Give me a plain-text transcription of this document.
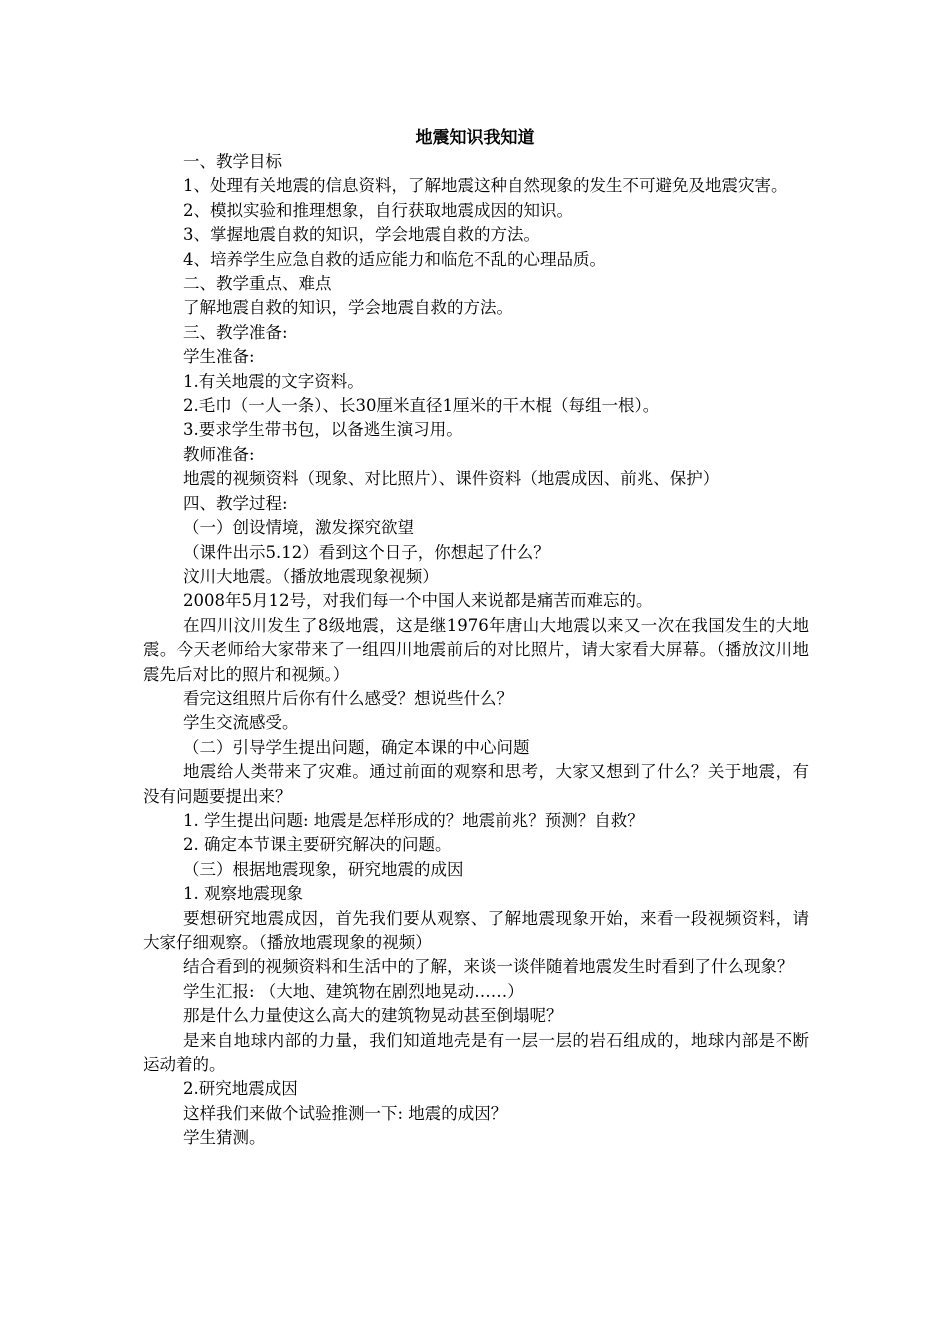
地震知识我知道

一、教学目标

1、处理有关地震的信息资料，了解地震这种自然现象的发生不可避免及地震灾害。

2、模拟实验和推理想象，自行获取地震成因的知识。

3、掌握地震自救的知识，学会地震自救的方法。

4、培养学生应急自救的适应能力和临危不乱的心理品质。

二、教学重点、难点

了解地震自救的知识，学会地震自救的方法。

三、教学准备:

学生准备:

1.有关地震的文字资料。

2.毛巾（一人一条）、长30厘米直径1厘米的干木棍（每组一根）。

3.要求学生带书包，以备逃生演习用。

教师准备:

地震的视频资料（现象、对比照片）、课件资料（地震成因、前兆、保护）

四、教学过程:

（一）创设情境，激发探究欲望

（课件出示5.12）看到这个日子，你想起了什么？

汶川大地震。（播放地震现象视频）

2008年5月12号，对我们每一个中国人来说都是痛苦而难忘的。

在四川汶川发生了8级地震，这是继1976年唐山大地震以来又一次在我国发生的大地震。今天老师给大家带来了一组四川地震前后的对比照片，请大家看大屏幕。（播放汶川地震先后对比的照片和视频。）

看完这组照片后你有什么感受？想说些什么？

学生交流感受。

（二）引导学生提出问题，确定本课的中心问题

地震给人类带来了灾难。通过前面的观察和思考，大家又想到了什么？关于地震，有没有问题要提出来？

1. 学生提出问题: 地震是怎样形成的？地震前兆？预测？自救？

2. 确定本节课主要研究解决的问题。

（三）根据地震现象，研究地震的成因

1. 观察地震现象

要想研究地震成因，首先我们要从观察、了解地震现象开始，来看一段视频资料，请大家仔细观察。（播放地震现象的视频）

结合看到的视频资料和生活中的了解，来谈一谈伴随着地震发生时看到了什么现象？

学生汇报: （大地、建筑物在剧烈地晃动……）

那是什么力量使这么高大的建筑物晃动甚至倒塌呢？

是来自地球内部的力量，我们知道地壳是有一层一层的岩石组成的，地球内部是不断运动着的。

2.研究地震成因

这样我们来做个试验推测一下: 地震的成因？

学生猜测。
